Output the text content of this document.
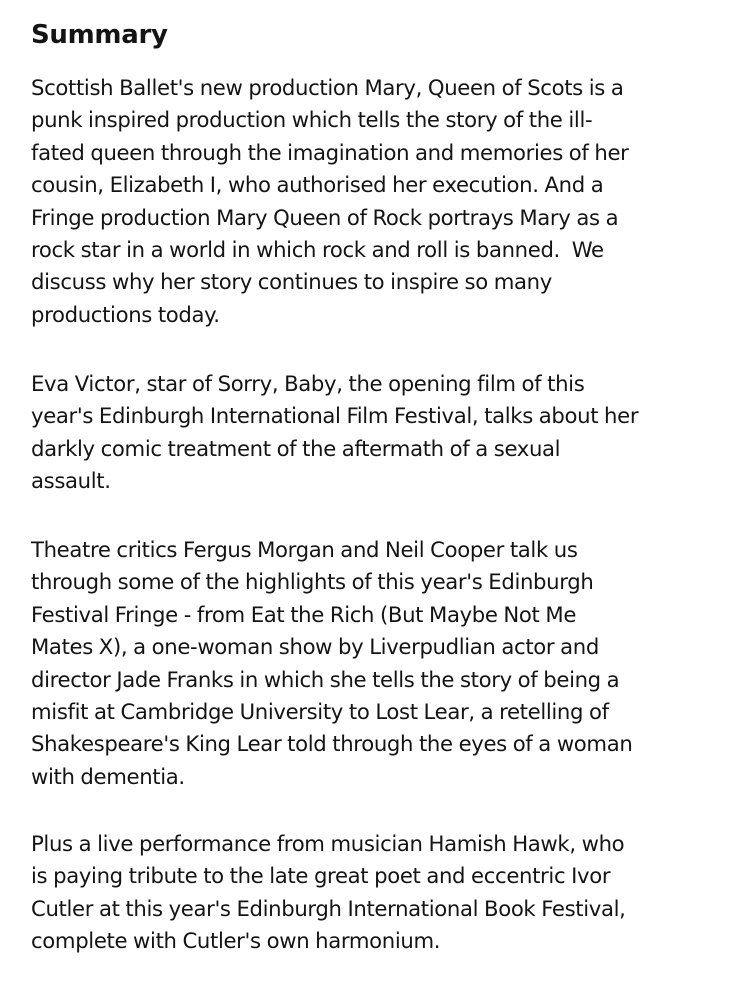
Summary

Scottish Ballet's new production Mary, Queen of Scots is a
punk inspired production which tells the story of the ill-
fated queen through the imagination and memories of her
cousin, Elizabeth I, who authorised her execution. And a
Fringe production Mary Queen of Rock portrays Mary as a
rock star in a world in which rock and roll is banned.  We
discuss why her story continues to inspire so many
productions today.

Eva Victor, star of Sorry, Baby, the opening film of this
year's Edinburgh International Film Festival, talks about her
darkly comic treatment of the aftermath of a sexual
assault.

Theatre critics Fergus Morgan and Neil Cooper talk us
through some of the highlights of this year's Edinburgh
Festival Fringe - from Eat the Rich (But Maybe Not Me
Mates X), a one-woman show by Liverpudlian actor and
director Jade Franks in which she tells the story of being a
misfit at Cambridge University to Lost Lear, a retelling of
Shakespeare's King Lear told through the eyes of a woman
with dementia.

Plus a live performance from musician Hamish Hawk, who
is paying tribute to the late great poet and eccentric Ivor
Cutler at this year's Edinburgh International Book Festival,
complete with Cutler's own harmonium.
